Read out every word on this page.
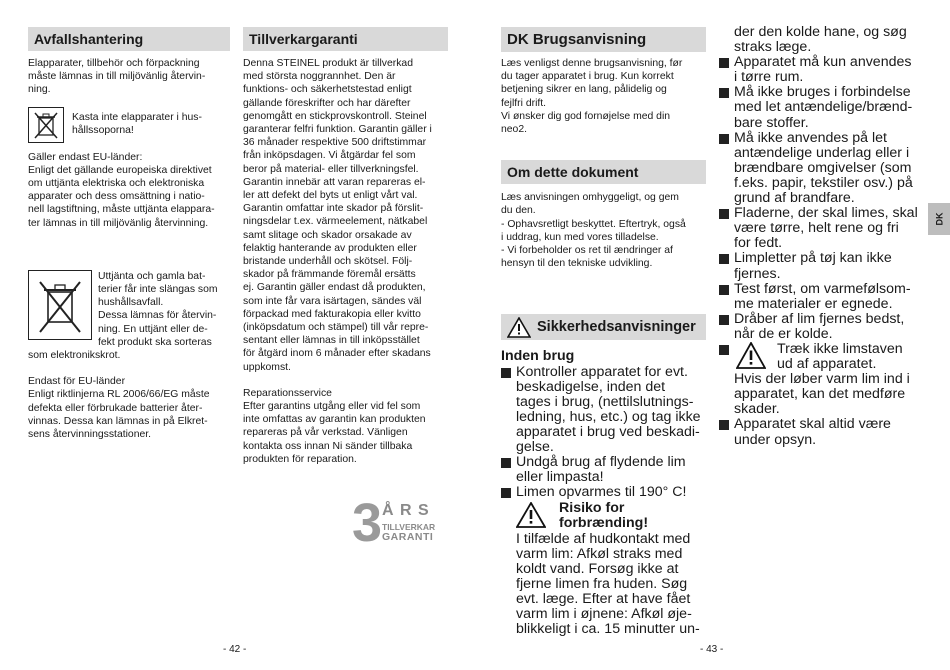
Avfallshantering

Elapparater, tillbehör och förpackning
måste lämnas in till miljövänlig återvin-
ning.

Kasta inte elapparater i hus-
hållssoporna!

Gäller endast EU-länder:

Enligt det gällande europeiska direktivet
om uttjänta elektriska och elektroniska
apparater och dess omsättning i natio-
nell lagstiftning, måste uttjänta elappara-
ter lämnas in till miljövänlig återvinning.

Uttjänta och gamla bat-
terier får inte slängas som
hushållsavfall.
Dessa lämnas för återvin-
ning. En uttjänt eller de-
fekt produkt ska sorteras

som elektronikskrot.

Endast för EU-länder

Enligt riktlinjerna RL 2006/66/EG måste
defekta eller förbrukade batterier åter-
vinnas. Dessa kan lämnas in på Elkret-
sens återvinningsstationer.

Tillverkargaranti

Denna STEINEL produkt är tillverkad
med största noggrannhet. Den är
funktions- och säkerhetstestad enligt
gällande föreskrifter och har därefter
genomgått en stickprovskontroll. Steinel
garanterar felfri funktion. Garantin gäller i
36 månader respektive 500 driftstimmar
från inköpsdagen. Vi åtgärdar fel som
beror på material- eller tillverkningsfel.
Garantin innebär att varan repareras el-
ler att defekt del byts ut enligt vårt val.
Garantin omfattar inte skador på förslit-
ningsdelar t.ex. värmeelement, nätkabel
samt slitage och skador orsakade av
felaktig hanterande av produkten eller
bristande underhåll och skötsel. Följ-
skador på främmande föremål ersätts
ej. Garantin gäller endast då produkten,
som inte får vara isärtagen, sändes väl
förpackad med fakturakopia eller kvitto
(inköpsdatum och stämpel) till vår repre-
sentant eller lämnas in till inköpsstället
för åtgärd inom 6 månader efter skadans
uppkomst.

Reparationsservice

Efter garantins utgång eller vid fel som
inte omfattas av garantin kan produkten
repareras på vår verkstad. Vänligen
kontakta oss innan Ni sänder tillbaka
produkten för reparation.

3 Å R S
TILLVERKAR
GARANTI
- 42 -
DK Brugsanvisning

Læs venligst denne brugsanvisning, før
du tager apparatet i brug. Kun korrekt
betjening sikrer en lang, pålidelig og
fejlfri drift.
Vi ønsker dig god fornøjelse med din
neo2.

Om dette dokument

Læs anvisningen omhyggeligt, og gem
du den.

- Ophavsretligt beskyttet. Eftertryk, også
i uddrag, kun med vores tilladelse.

- Vi forbeholder os ret til ændringer af
hensyn til den tekniske udvikling.

Sikkerhedsanvisninger

Inden brug

Kontroller apparatet for evt.
beskadigelse, inden det
tages i brug, (nettilslutnings-
ledning, hus, etc.) og tag ikke
apparatet i brug ved beskadi-
gelse.

Undgå brug af flydende lim
eller limpasta!

Limen opvarmes til 190° C!

Risiko for
forbrænding!

I tilfælde af hudkontakt med
varm lim: Afkøl straks med
koldt vand. Forsøg ikke at
fjerne limen fra huden. Søg
evt. læge. Efter at have fået
varm lim i øjnene: Afkøl øje-
blikkeligt i ca. 15 minutter un-

der den kolde hane, og søg
straks læge.

Apparatet må kun anvendes
i tørre rum.

Må ikke bruges i forbindelse
med let antændelige/brænd-
bare stoffer.

Må ikke anvendes på let
antændelige underlag eller i
brændbare omgivelser (som
f.eks. papir, tekstiler osv.) på
grund af brandfare.

Fladerne, der skal limes, skal
være tørre, helt rene og fri
for fedt.

Limpletter på tøj kan ikke
fjernes.

Test først, om varmefølsom-
me materialer er egnede.

Dråber af lim fjernes bedst,
når de er kolde.

Træk ikke limstaven

ud af apparatet.

Hvis der løber varm lim ind i
apparatet, kan det medføre
skader.

Apparatet skal altid være
under opsyn.

DK
- 43 -
